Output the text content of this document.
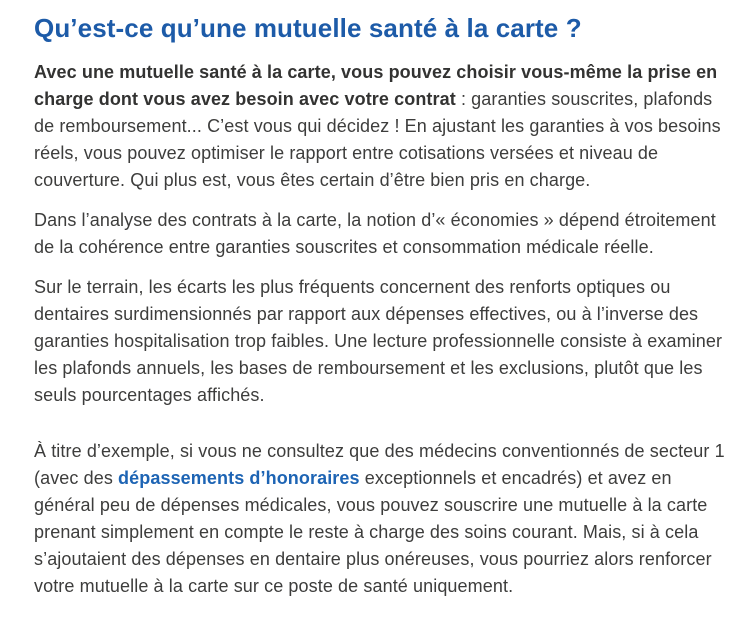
Qu’est-ce qu’une mutuelle santé à la carte ?

Avec une mutuelle santé à la carte, vous pouvez choisir vous-même la prise en charge dont vous avez besoin avec votre contrat : garanties souscrites, plafonds de remboursement... C’est vous qui décidez ! En ajustant les garanties à vos besoins réels, vous pouvez optimiser le rapport entre cotisations versées et niveau de couverture. Qui plus est, vous êtes certain d’être bien pris en charge.

Dans l’analyse des contrats à la carte, la notion d’« économies » dépend étroitement de la cohérence entre garanties souscrites et consommation médicale réelle.

Sur le terrain, les écarts les plus fréquents concernent des renforts optiques ou dentaires surdimensionnés par rapport aux dépenses effectives, ou à l’inverse des garanties hospitalisation trop faibles. Une lecture professionnelle consiste à examiner les plafonds annuels, les bases de remboursement et les exclusions, plutôt que les seuls pourcentages affichés.

À titre d’exemple, si vous ne consultez que des médecins conventionnés de secteur 1 (avec des dépassements d’honoraires exceptionnels et encadrés) et avez en général peu de dépenses médicales, vous pouvez souscrire une mutuelle à la carte prenant simplement en compte le reste à charge des soins courant. Mais, si à cela s’ajoutaient des dépenses en dentaire plus onéreuses, vous pourriez alors renforcer votre mutuelle à la carte sur ce poste de santé uniquement.
